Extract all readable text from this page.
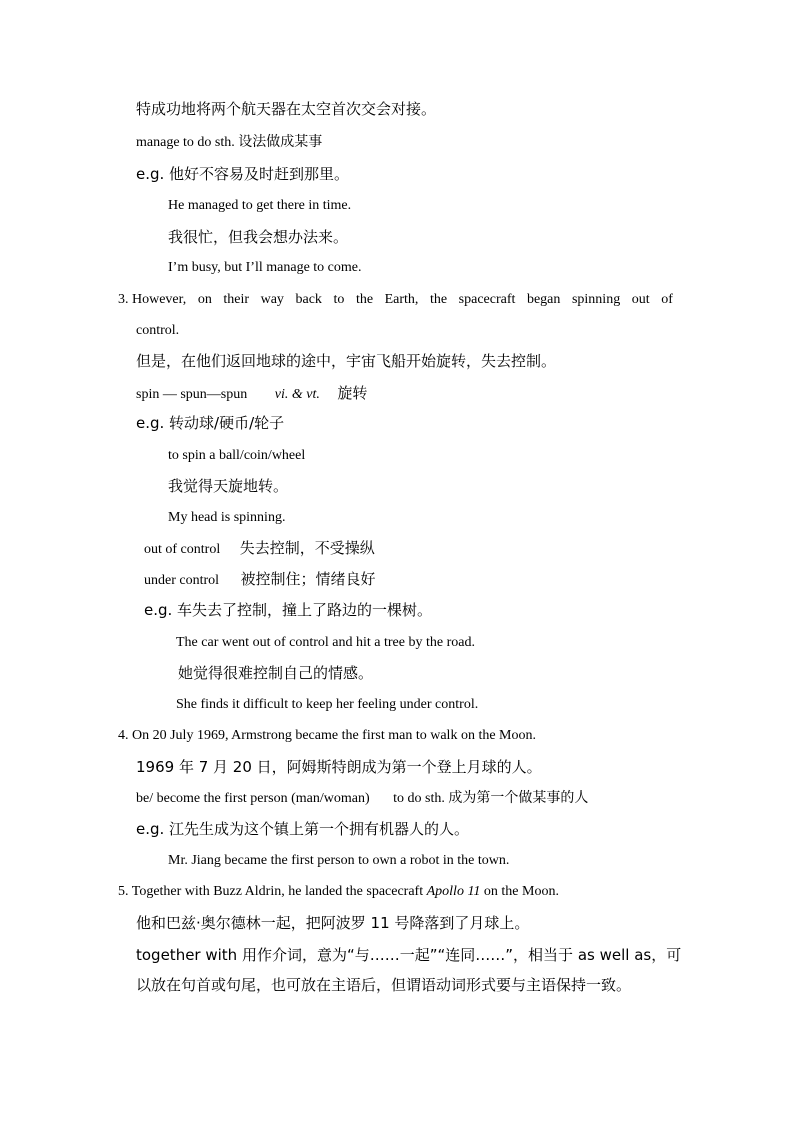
特成功地将两个航天器在太空首次交会对接。
manage to do sth. 设法做成某事
e.g. 他好不容易及时赶到那里。
He managed to get there in time.
我很忙，但我会想办法来。
I’m busy, but I’ll manage to come.
3. However, on their way back to the Earth, the spacecraft began spinning out of
control.
但是，在他们返回地球的途中，宇宙飞船开始旋转，失去控制。
spin — spun—spun vi. & vt. 旋转
e.g. 转动球/硬币/轮子
to spin a ball/coin/wheel
我觉得天旋地转。
My head is spinning.
out of control 失去控制，不受操纵
under control 被控制住；情绪良好
e.g. 车失去了控制，撞上了路边的一棵树。
The car went out of control and hit a tree by the road.
她觉得很难控制自己的情感。
She finds it difficult to keep her feeling under control.
4. On 20 July 1969, Armstrong became the first man to walk on the Moon.
1969 年 7 月 20 日，阿姆斯特朗成为第一个登上月球的人。
be/ become the first person (man/woman) to do sth. 成为第一个做某事的人
e.g. 江先生成为这个镇上第一个拥有机器人的人。
Mr. Jiang became the first person to own a robot in the town.
5. Together with Buzz Aldrin, he landed the spacecraft Apollo 11 on the Moon.
他和巴兹·奥尔德林一起，把阿波罗 11 号降落到了月球上。
together with 用作介词，意为“与……一起”“连同……”， 相当于 as well as， 可
以放在句首或句尾，也可放在主语后，但谓语动词形式要与主语保持一致。
